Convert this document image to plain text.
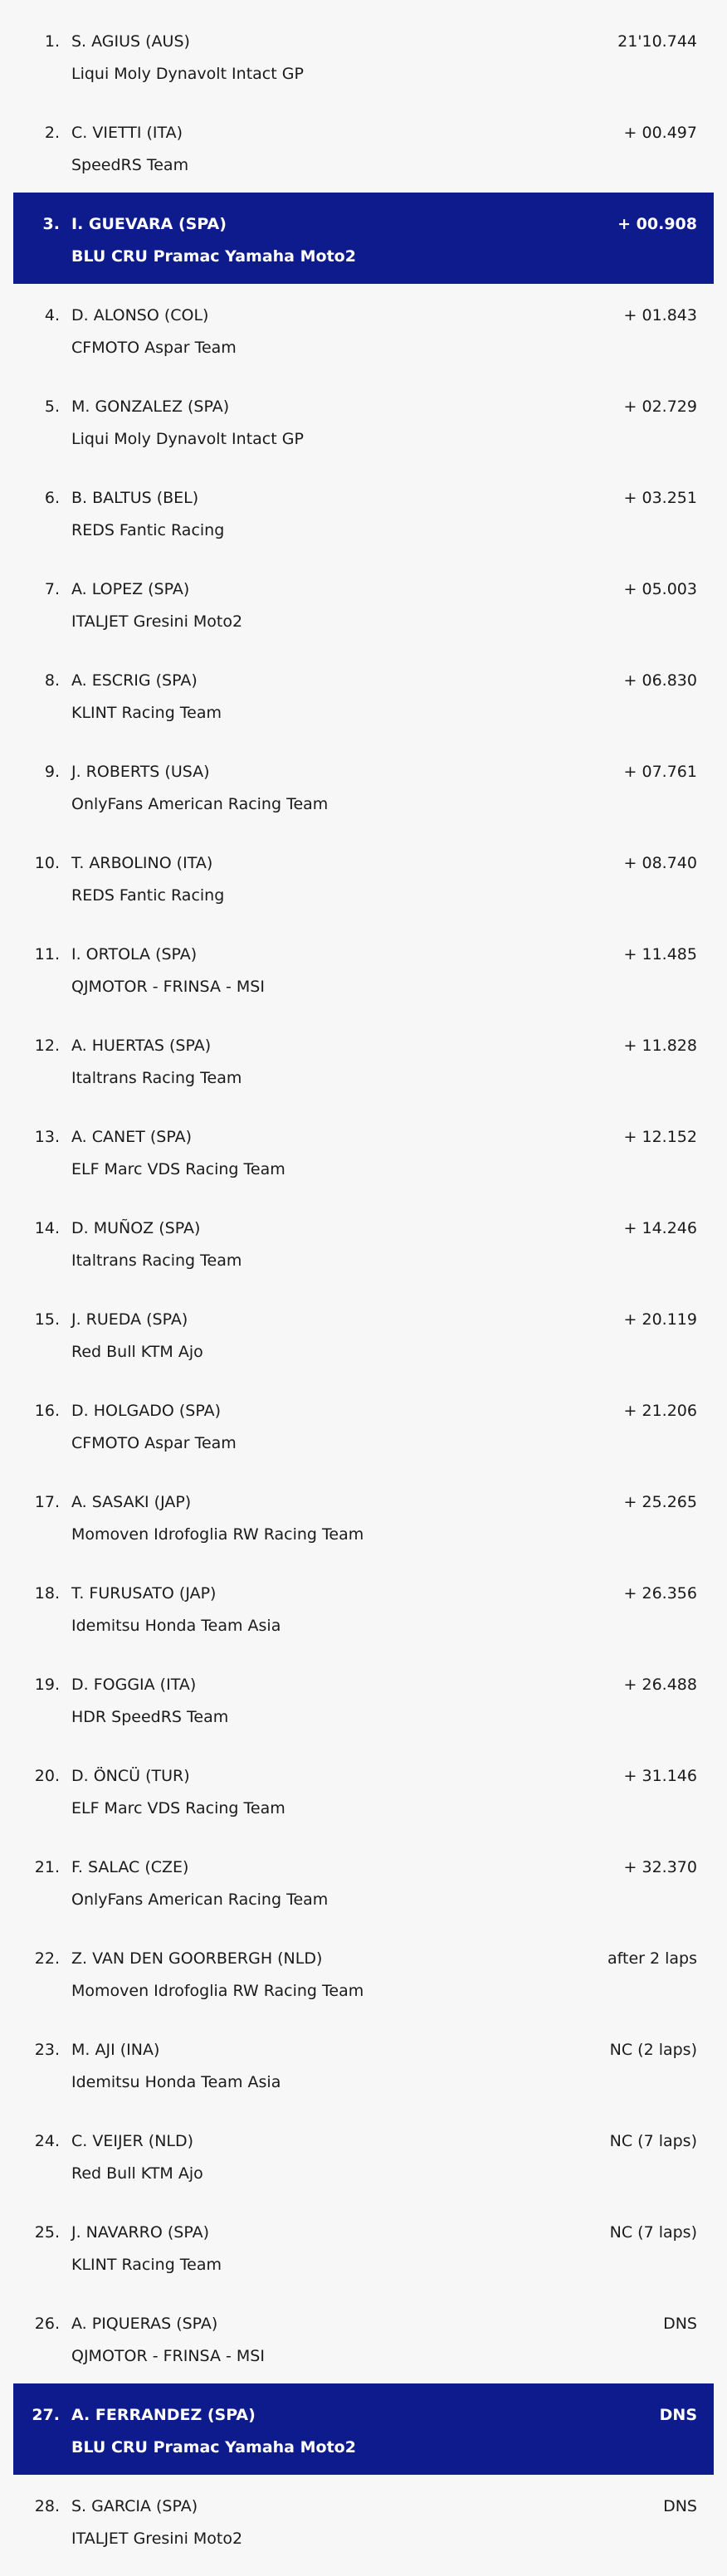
1. S. AGIUS (AUS)
Liqui Moly Dynavolt Intact GP
21'10.744
2. C. VIETTI (ITA)
SpeedRS Team
+ 00.497
3. I. GUEVARA (SPA)
BLU CRU Pramac Yamaha Moto2
+ 00.908
4. D. ALONSO (COL)
CFMOTO Aspar Team
+ 01.843
5. M. GONZALEZ (SPA)
Liqui Moly Dynavolt Intact GP
+ 02.729
6. B. BALTUS (BEL)
REDS Fantic Racing
+ 03.251
7. A. LOPEZ (SPA)
ITALJET Gresini Moto2
+ 05.003
8. A. ESCRIG (SPA)
KLINT Racing Team
+ 06.830
9. J. ROBERTS (USA)
OnlyFans American Racing Team
+ 07.761
10. T. ARBOLINO (ITA)
REDS Fantic Racing
+ 08.740
11. I. ORTOLA (SPA)
QJMOTOR - FRINSA - MSI
+ 11.485
12. A. HUERTAS (SPA)
Italtrans Racing Team
+ 11.828
13. A. CANET (SPA)
ELF Marc VDS Racing Team
+ 12.152
14. D. MUÑOZ (SPA)
Italtrans Racing Team
+ 14.246
15. J. RUEDA (SPA)
Red Bull KTM Ajo
+ 20.119
16. D. HOLGADO (SPA)
CFMOTO Aspar Team
+ 21.206
17. A. SASAKI (JAP)
Momoven Idrofoglia RW Racing Team
+ 25.265
18. T. FURUSATO (JAP)
Idemitsu Honda Team Asia
+ 26.356
19. D. FOGGIA (ITA)
HDR SpeedRS Team
+ 26.488
20. D. ÖNCÜ (TUR)
ELF Marc VDS Racing Team
+ 31.146
21. F. SALAC (CZE)
OnlyFans American Racing Team
+ 32.370
22. Z. VAN DEN GOORBERGH (NLD)
Momoven Idrofoglia RW Racing Team
after 2 laps
23. M. AJI (INA)
Idemitsu Honda Team Asia
NC (2 laps)
24. C. VEIJER (NLD)
Red Bull KTM Ajo
NC (7 laps)
25. J. NAVARRO (SPA)
KLINT Racing Team
NC (7 laps)
26. A. PIQUERAS (SPA)
QJMOTOR - FRINSA - MSI
DNS
27. A. FERRANDEZ (SPA)
BLU CRU Pramac Yamaha Moto2
DNS
28. S. GARCIA (SPA)
ITALJET Gresini Moto2
DNS
